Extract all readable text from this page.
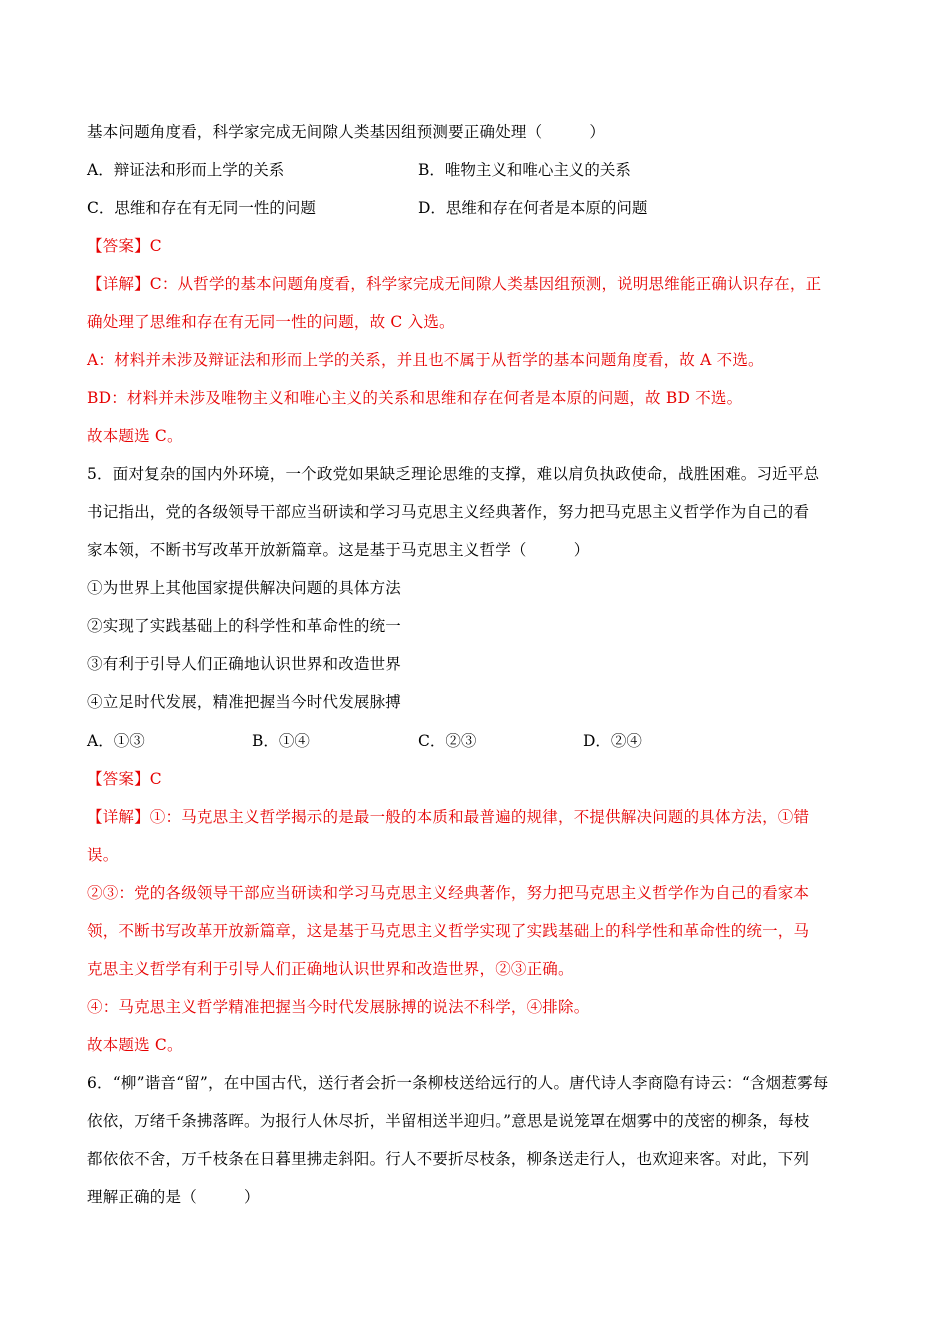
基本问题角度看，科学家完成无间隙人类基因组预测要正确处理（　　　）
A．辩证法和形而上学的关系	B．唯物主义和唯心主义的关系
C．思维和存在有无同一性的问题	D．思维和存在何者是本原的问题
【答案】C
【详解】C：从哲学的基本问题角度看，科学家完成无间隙人类基因组预测，说明思维能正确认识存在，正
确处理了思维和存在有无同一性的问题，故 C 入选。
A：材料并未涉及辩证法和形而上学的关系，并且也不属于从哲学的基本问题角度看，故 A 不选。
BD：材料并未涉及唯物主义和唯心主义的关系和思维和存在何者是本原的问题，故 BD 不选。
故本题选 C。
5．面对复杂的国内外环境，一个政党如果缺乏理论思维的支撑，难以肩负执政使命，战胜困难。习近平总
书记指出，党的各级领导干部应当研读和学习马克思主义经典著作，努力把马克思主义哲学作为自己的看
家本领，不断书写改革开放新篇章。这是基于马克思主义哲学（　　　）
①为世界上其他国家提供解决问题的具体方法
②实现了实践基础上的科学性和革命性的统一
③有利于引导人们正确地认识世界和改造世界
④立足时代发展，精准把握当今时代发展脉搏
A．①③	B．①④	C．②③	D．②④
【答案】C
【详解】①：马克思主义哲学揭示的是最一般的本质和最普遍的规律，不提供解决问题的具体方法，①错
误。
②③：党的各级领导干部应当研读和学习马克思主义经典著作，努力把马克思主义哲学作为自己的看家本
领，不断书写改革开放新篇章，这是基于马克思主义哲学实现了实践基础上的科学性和革命性的统一，马
克思主义哲学有利于引导人们正确地认识世界和改造世界，②③正确。
④：马克思主义哲学精准把握当今时代发展脉搏的说法不科学，④排除。
故本题选 C。
6．“柳”谐音“留”，在中国古代，送行者会折一条柳枝送给远行的人。唐代诗人李商隐有诗云：“含烟惹雾每
依依，万绪千条拂落晖。为报行人休尽折，半留相送半迎归。”意思是说笼罩在烟雾中的茂密的柳条，每枝
都依依不舍，万千枝条在日暮里拂走斜阳。行人不要折尽枝条，柳条送走行人，也欢迎来客。对此，下列
理解正确的是（　　　）
